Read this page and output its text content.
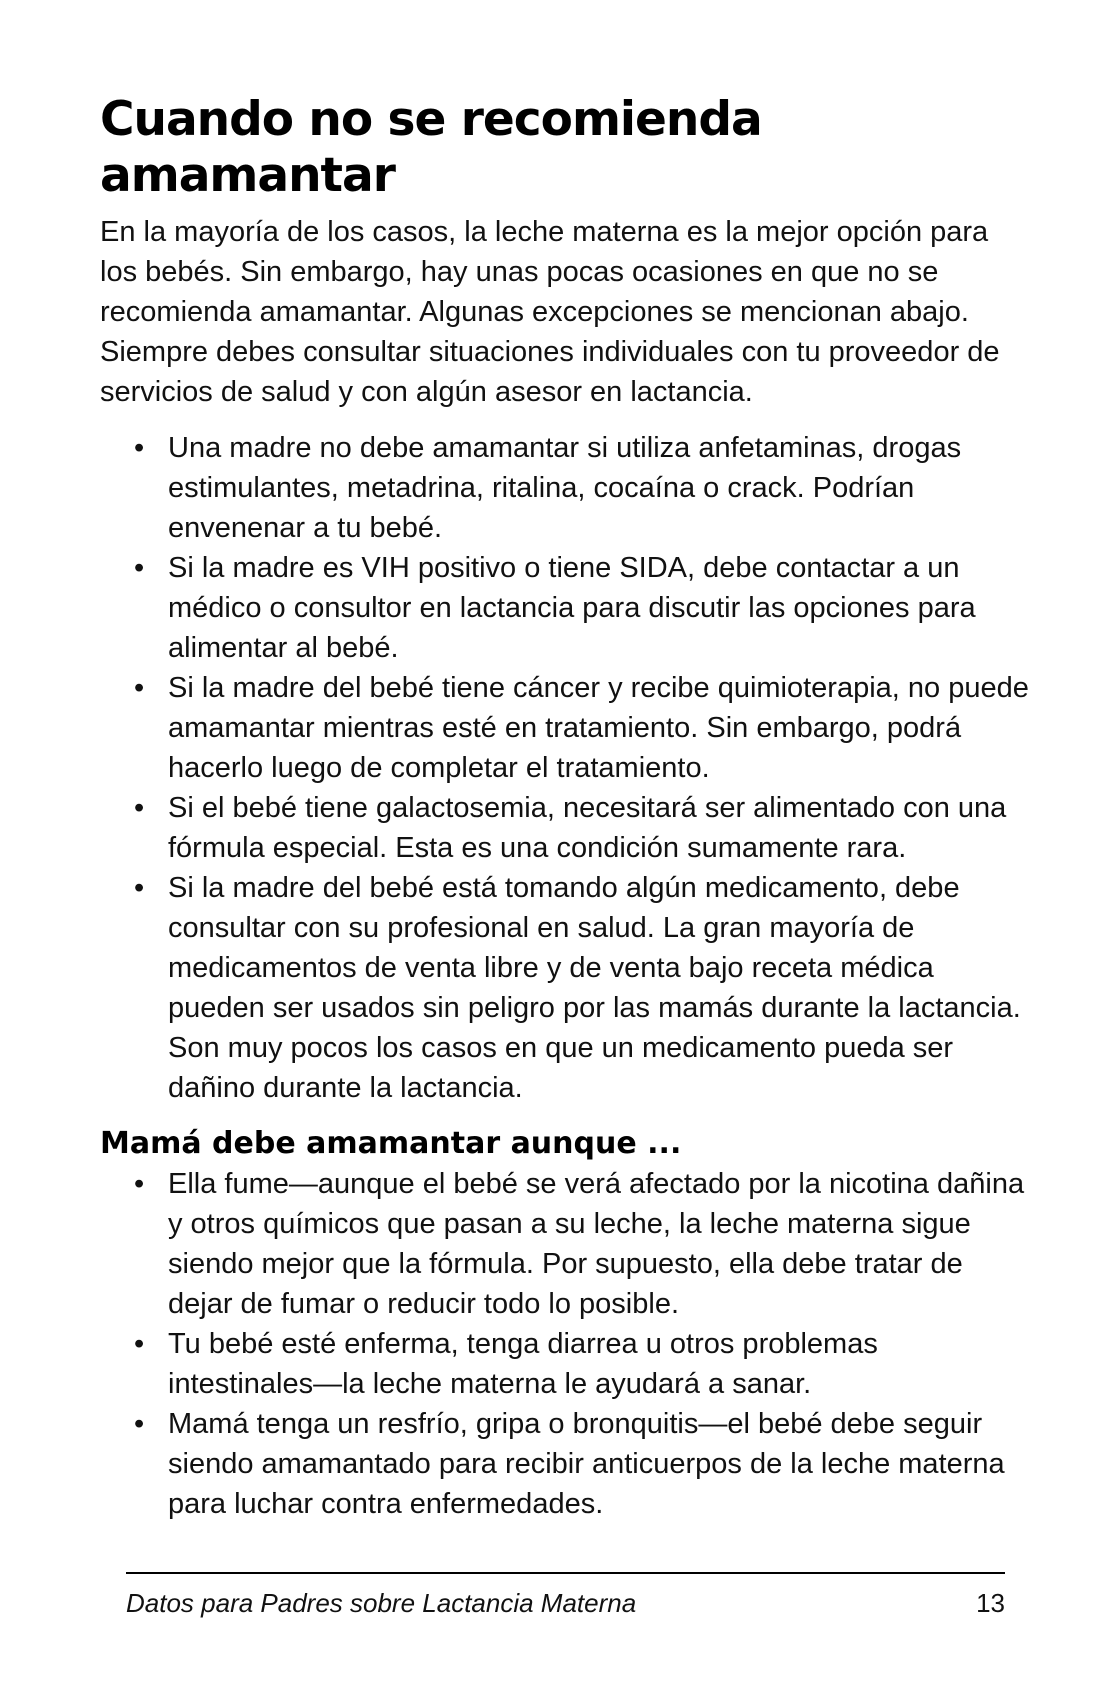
Cuando no se recomienda amamantar

En la mayoría de los casos, la leche materna es la mejor opción para los bebés. Sin embargo, hay unas pocas ocasiones en que no se recomienda amamantar. Algunas excepciones se mencionan abajo. Siempre debes consultar situaciones individuales con tu proveedor de servicios de salud y con algún asesor en lactancia.

• Una madre no debe amamantar si utiliza anfetaminas, drogas estimulantes, metadrina, ritalina, cocaína o crack. Podrían envenenar a tu bebé.
• Si la madre es VIH positivo o tiene SIDA, debe contactar a un médico o consultor en lactancia para discutir las opciones para alimentar al bebé.
• Si la madre del bebé tiene cáncer y recibe quimioterapia, no puede amamantar mientras esté en tratamiento. Sin embargo, podrá hacerlo luego de completar el tratamiento.
• Si el bebé tiene galactosemia, necesitará ser alimentado con una fórmula especial. Esta es una condición sumamente rara.
• Si la madre del bebé está tomando algún medicamento, debe consultar con su profesional en salud. La gran mayoría de medicamentos de venta libre y de venta bajo receta médica pueden ser usados sin peligro por las mamás durante la lactancia. Son muy pocos los casos en que un medicamento pueda ser dañino durante la lactancia.
Mamá debe amamantar aunque ...
• Ella fume—aunque el bebé se verá afectado por la nicotina dañina y otros químicos que pasan a su leche, la leche materna sigue siendo mejor que la fórmula. Por supuesto, ella debe tratar de dejar de fumar o reducir todo lo posible.
• Tu bebé esté enferma, tenga diarrea u otros problemas intestinales—la leche materna le ayudará a sanar.
• Mamá tenga un resfrío, gripa o bronquitis—el bebé debe seguir siendo amamantado para recibir anticuerpos de la leche materna para luchar contra enfermedades.
Datos para Padres sobre Lactancia Materna	13
